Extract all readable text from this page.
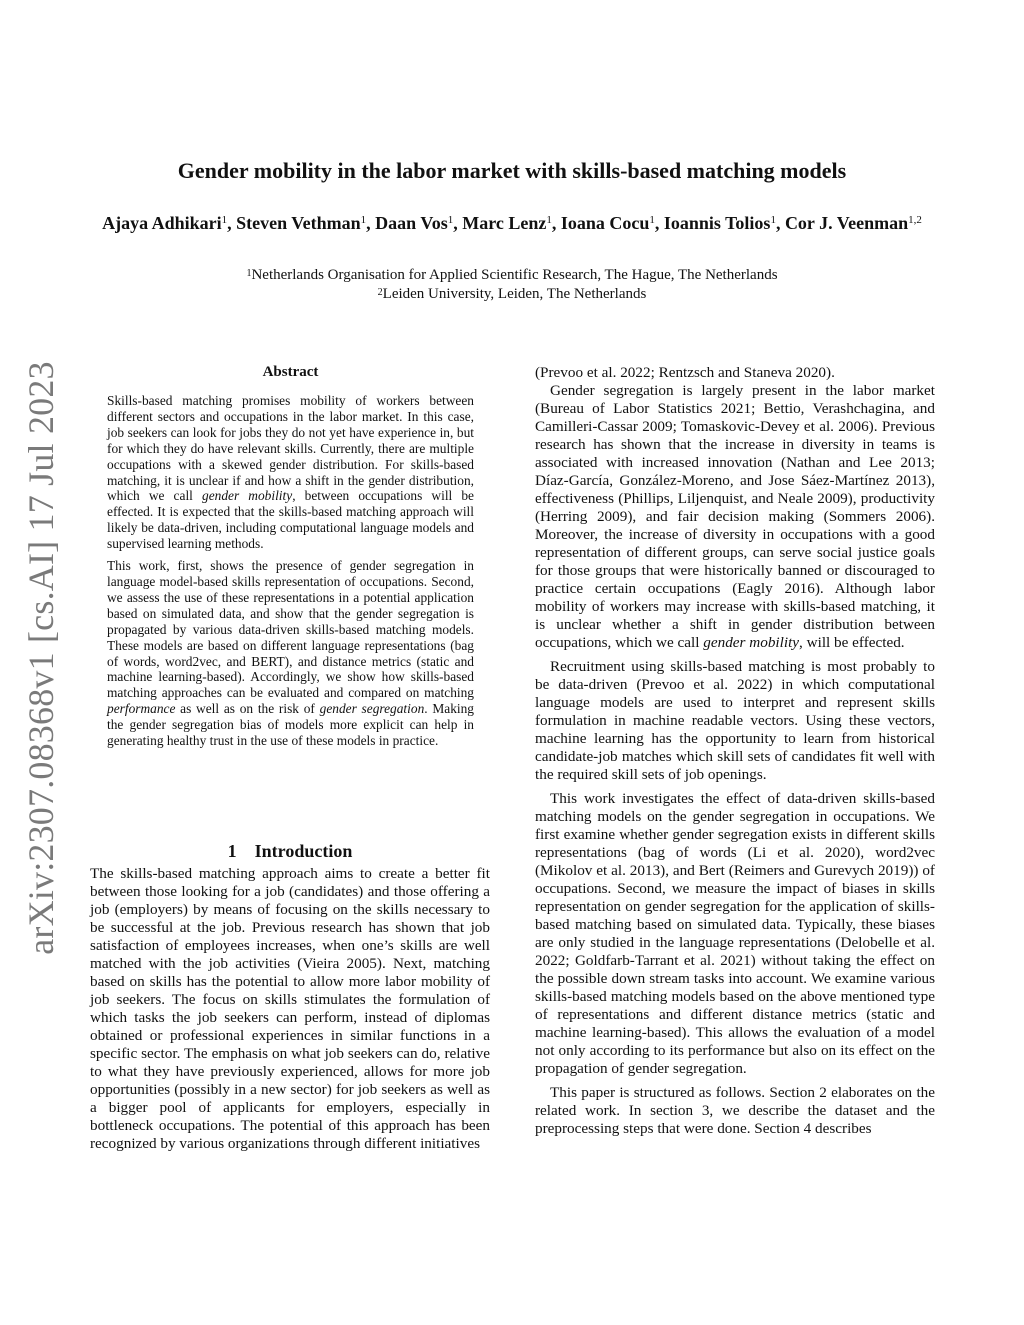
arXiv:2307.08368v1 [cs.AI] 17 Jul 2023
Gender mobility in the labor market with skills-based matching models
Ajaya Adhikari$^1$, Steven Vethman$^1$, Daan Vos$^1$, Marc Lenz$^1$, Ioana Cocu$^1$, Ioannis Tolios$^1$, Cor J. Veenman$^{1,2}$

$^1$Netherlands Organisation for Applied Scientific Research, The Hague, The Netherlands

$^2$Leiden University, Leiden, The Netherlands

Abstract

Skills-based matching promises mobility of workers between different sectors and occupations in the labor market. In this case, job seekers can look for jobs they do not yet have experience in, but for which they do have relevant skills. Currently, there are multiple occupations with a skewed gender distribution. For skills-based matching, it is unclear if and how a shift in the gender distribution, which we call gender mobility, between occupations will be effected. It is expected that the skills-based matching approach will likely be data-driven, including computational language models and supervised learning methods.

This work, first, shows the presence of gender segregation in language model-based skills representation of occupations. Second, we assess the use of these representations in a potential application based on simulated data, and show that the gender segregation is propagated by various data-driven skills-based matching models. These models are based on different language representations (bag of words, word2vec, and BERT), and distance metrics (static and machine learning-based). Accordingly, we show how skills-based matching approaches can be evaluated and compared on matching performance as well as on the risk of gender segregation. Making the gender segregation bias of models more explicit can help in generating healthy trust in the use of these models in practice.

1 Introduction

The skills-based matching approach aims to create a better fit between those looking for a job (candidates) and those offering a job (employers) by means of focusing on the skills necessary to be successful at the job. Previous research has shown that job satisfaction of employees increases, when one’s skills are well matched with the job activities (Vieira 2005). Next, matching based on skills has the potential to allow more labor mobility of job seekers. The focus on skills stimulates the formulation of which tasks the job seekers can perform, instead of diplomas obtained or professional experiences in similar functions in a specific sector. The emphasis on what job seekers can do, relative to what they have previously experienced, allows for more job opportunities (possibly in a new sector) for job seekers as well as a bigger pool of applicants for employers, especially in bottleneck occupations. The potential of this approach has been recognized by various organizations through different initiatives

(Prevoo et al. 2022; Rentzsch and Staneva 2020).

Gender segregation is largely present in the labor market (Bureau of Labor Statistics 2021; Bettio, Verashchagina, and Camilleri-Cassar 2009; Tomaskovic-Devey et al. 2006). Previous research has shown that the increase in diversity in teams is associated with increased innovation (Nathan and Lee 2013; Díaz-García, González-Moreno, and Jose Sáez-Martínez 2013), effectiveness (Phillips, Liljenquist, and Neale 2009), productivity (Herring 2009), and fair decision making (Sommers 2006). Moreover, the increase of diversity in occupations with a good representation of different groups, can serve social justice goals for those groups that were historically banned or discouraged to practice certain occupations (Eagly 2016). Although labor mobility of workers may increase with skills-based matching, it is unclear whether a shift in gender distribution between occupations, which we call gender mobility, will be effected.

Recruitment using skills-based matching is most probably to be data-driven (Prevoo et al. 2022) in which computational language models are used to interpret and represent skills formulation in machine readable vectors. Using these vectors, machine learning has the opportunity to learn from historical candidate-job matches which skill sets of candidates fit well with the required skill sets of job openings.

This work investigates the effect of data-driven skills-based matching models on the gender segregation in occupations. We first examine whether gender segregation exists in different skills representations (bag of words (Li et al. 2020), word2vec (Mikolov et al. 2013), and Bert (Reimers and Gurevych 2019)) of occupations. Second, we measure the impact of biases in skills representation on gender segregation for the application of skills-based matching based on simulated data. Typically, these biases are only studied in the language representations (Delobelle et al. 2022; Goldfarb-Tarrant et al. 2021) without taking the effect on the possible down stream tasks into account. We examine various skills-based matching models based on the above mentioned type of representations and different distance metrics (static and machine learning-based). This allows the evaluation of a model not only according to its performance but also on its effect on the propagation of gender segregation.

This paper is structured as follows. Section 2 elaborates on the related work. In section 3, we describe the dataset and the preprocessing steps that were done. Section 4 describes
